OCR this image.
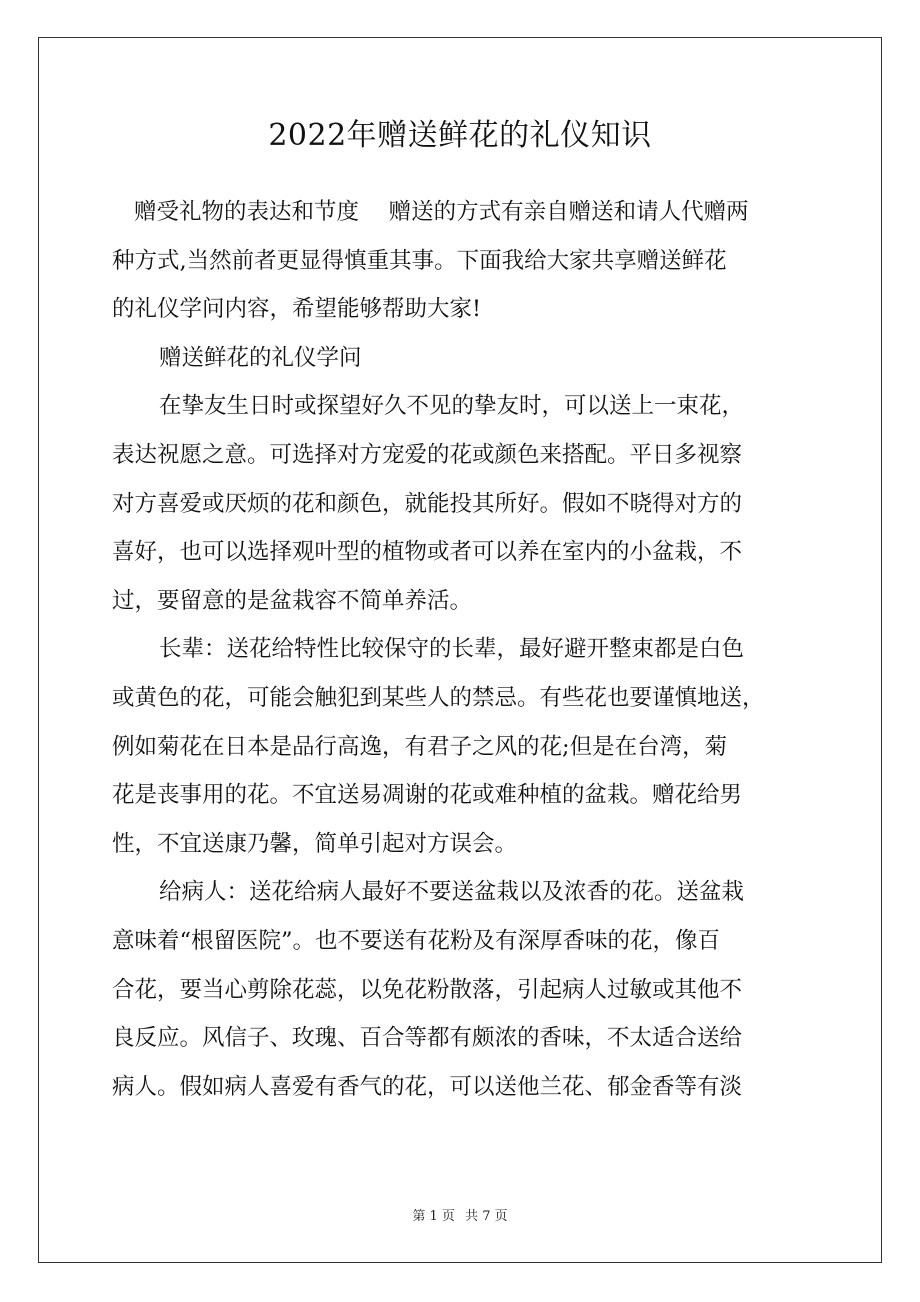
2022年赠送鲜花的礼仪知识
赠受礼物的表达和节度　 赠送的方式有亲自赠送和请人代赠两
种方式,当然前者更显得慎重其事。下面我给大家共享赠送鲜花
的礼仪学问内容，希望能够帮助大家!
赠送鲜花的礼仪学问
在挚友生日时或探望好久不见的挚友时，可以送上一束花，
表达祝愿之意。可选择对方宠爱的花或颜色来搭配。平日多视察
对方喜爱或厌烦的花和颜色，就能投其所好。假如不晓得对方的
喜好，也可以选择观叶型的植物或者可以养在室内的小盆栽，不
过，要留意的是盆栽容不简单养活。
长辈：送花给特性比较保守的长辈，最好避开整束都是白色
或黄色的花，可能会触犯到某些人的禁忌。有些花也要谨慎地送，
例如菊花在日本是品行高逸，有君子之风的花;但是在台湾，菊
花是丧事用的花。不宜送易凋谢的花或难种植的盆栽。赠花给男
性，不宜送康乃馨，简单引起对方误会。
给病人：送花给病人最好不要送盆栽以及浓香的花。送盆栽
意味着“根留医院”。也不要送有花粉及有深厚香味的花，像百
合花，要当心剪除花蕊，以免花粉散落，引起病人过敏或其他不
良反应。风信子、玫瑰、百合等都有颇浓的香味，不太适合送给
病人。假如病人喜爱有香气的花，可以送他兰花、郁金香等有淡
第 1 页 共 7 页
